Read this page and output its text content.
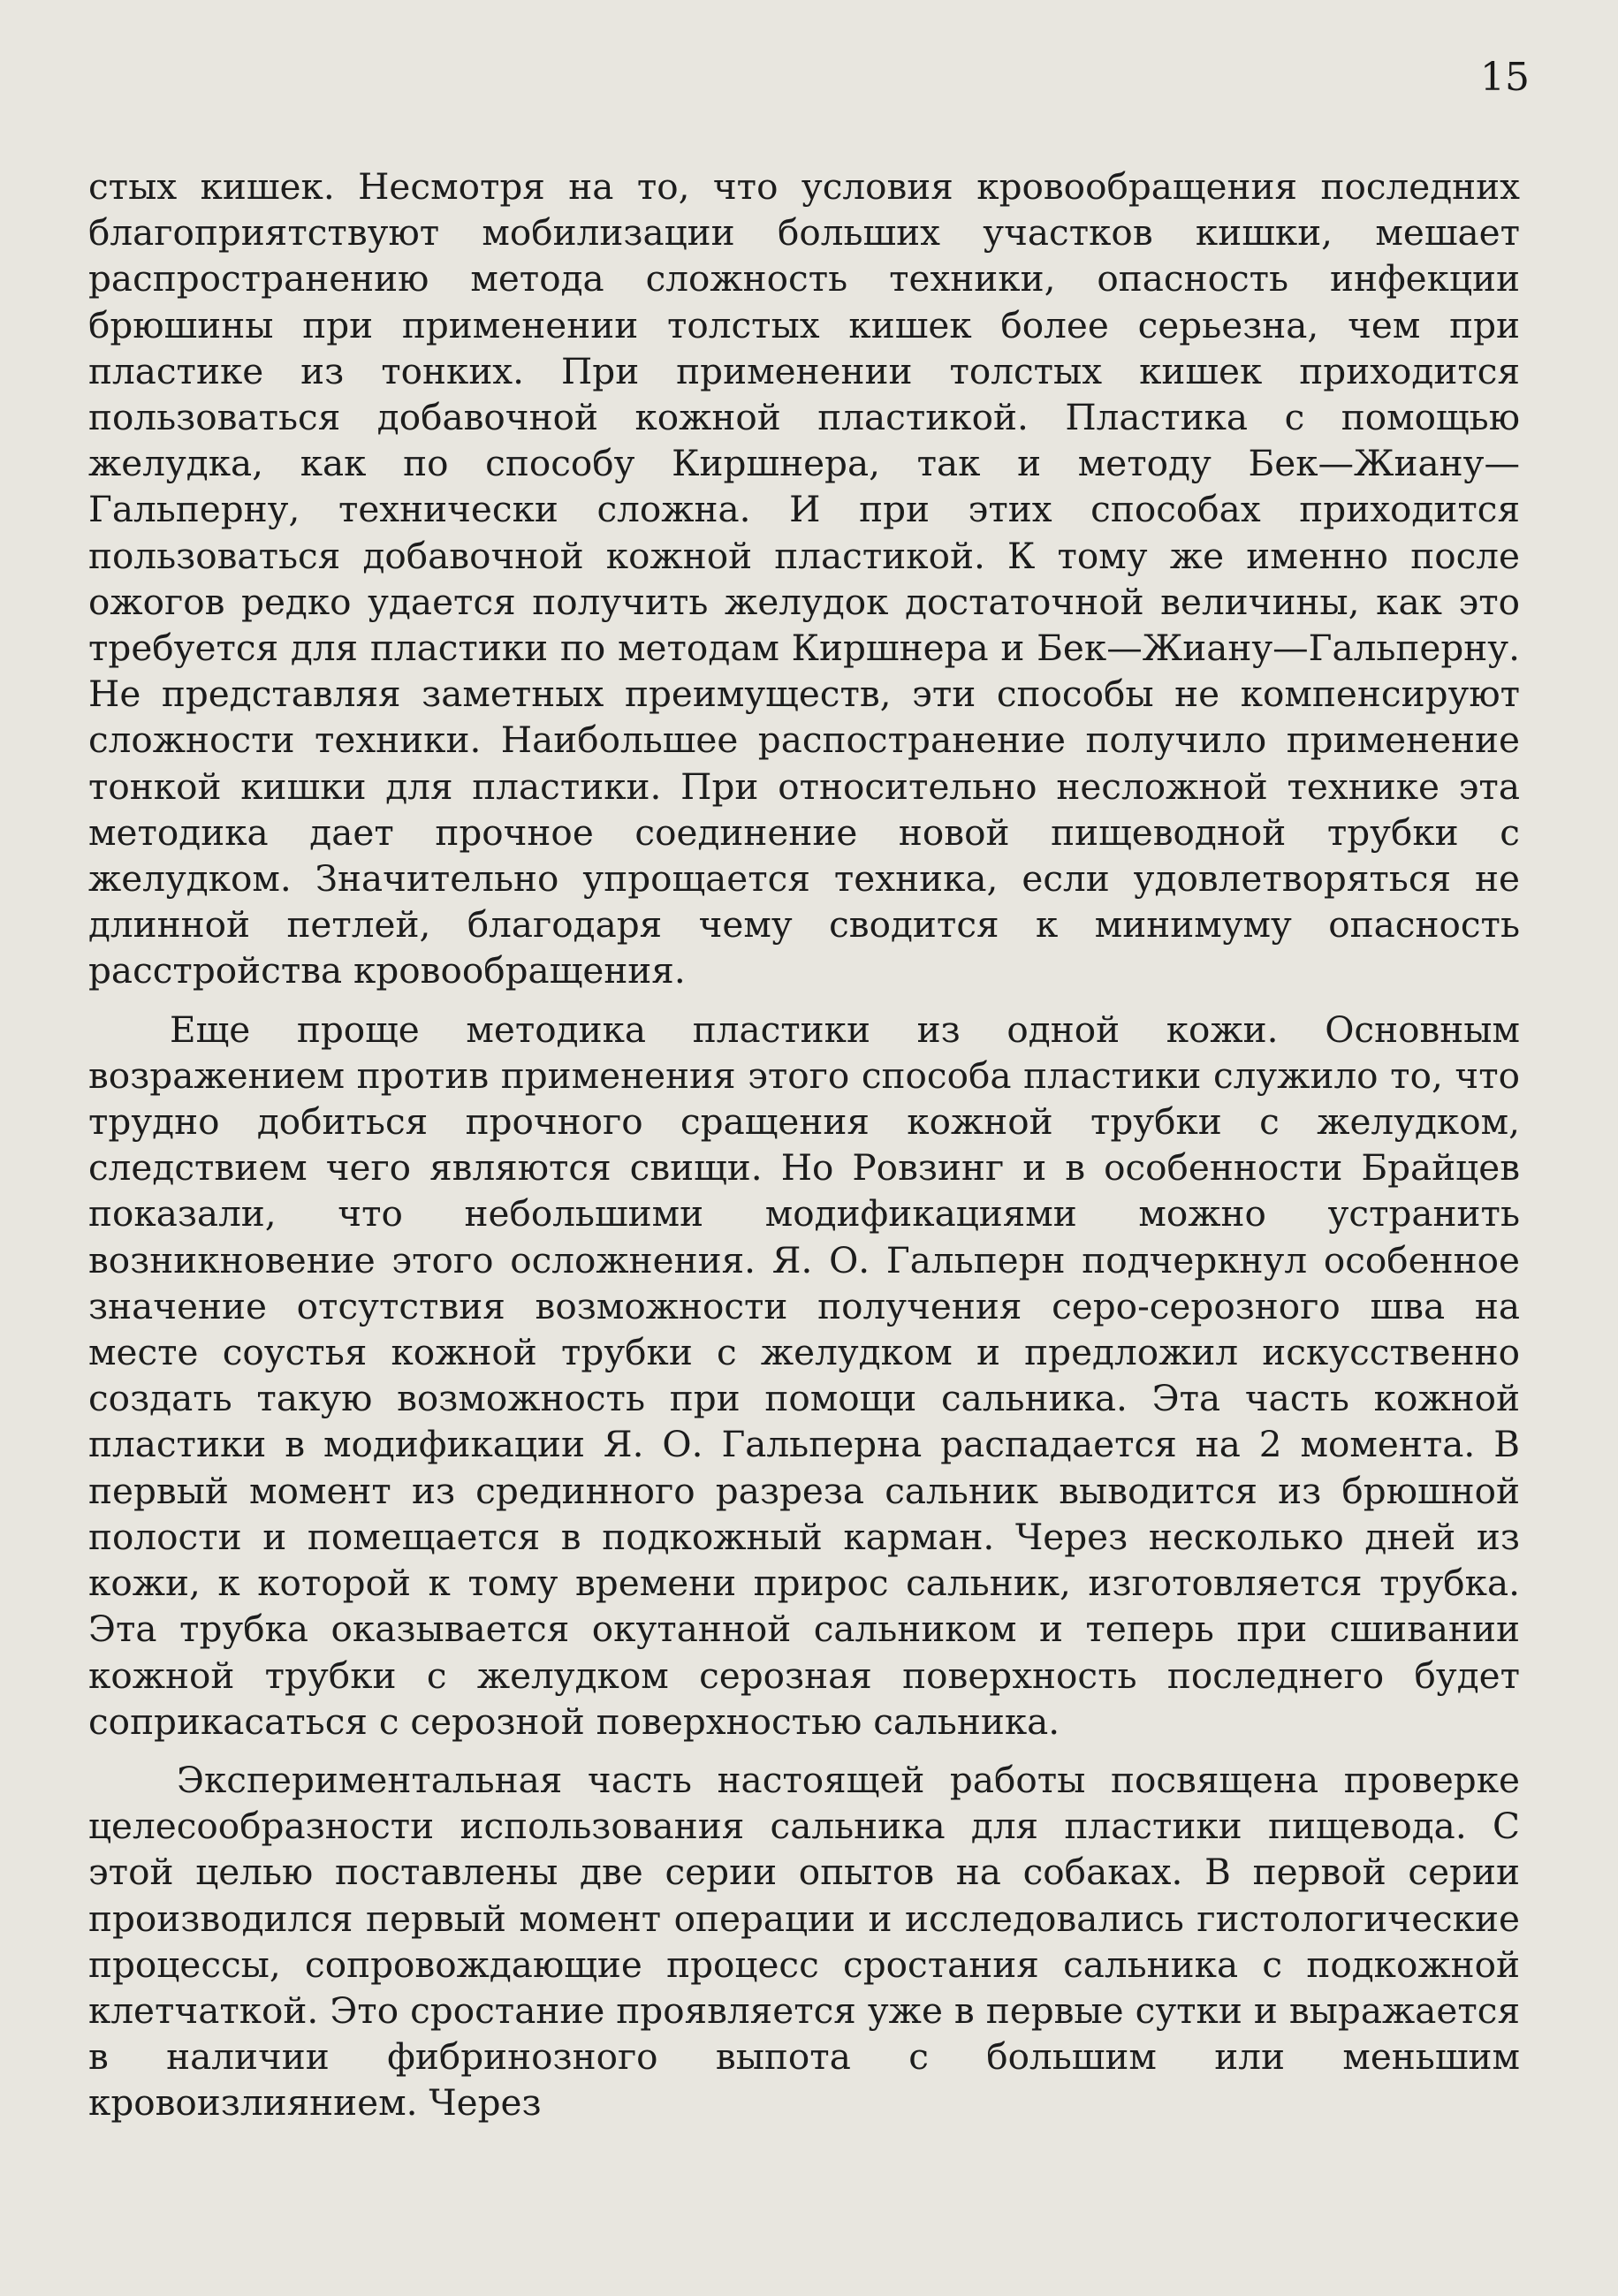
15

стых кишек. Несмотря на то, что условия кровообращения последних благоприятствуют мобилизации больших участков кишки, мешает распространению метода сложность техники, опасность инфекции брюшины при применении толстых кишек более серьезна, чем при пластике из тонких. При применении толстых кишек приходится пользоваться добавочной кожной пластикой. Пластика с помощью желудка, как по способу Киршнера, так и методу Бек—Жиану—Гальперну, технически сложна. И при этих способах приходится пользоваться добавочной кожной пластикой. К тому же именно после ожогов редко удается получить желудок достаточной величины, как это требуется для пластики по методам Киршнера и Бек—Жиану—Гальперну. Не представляя заметных преимуществ, эти способы не компенсируют сложности техники. Наибольшее распостранение получило применение тонкой кишки для пластики. При относительно несложной технике эта методика дает прочное соединение новой пищеводной трубки с желудком. Значительно упрощается техника, если удовлетворяться не длинной петлей, благодаря чему сводится к минимуму опасность расстройства кровообращения.

Еще проще методика пластики из одной кожи. Основным возражением против применения этого способа пластики служило то, что трудно добиться прочного сращения кожной трубки с желудком, следствием чего являются свищи. Но Ровзинг и в особенности Брайцев показали, что небольшими модификациями можно устранить возникновение этого осложнения. Я. О. Гальперн подчеркнул особенное значение отсутствия возможности получения серо-серозного шва на месте соустья кожной трубки с желудком и предложил искусственно создать такую возможность при помощи сальника. Эта часть кожной пластики в модификации Я. О. Гальперна распадается на 2 момента. В первый момент из срединного разреза сальник выводится из брюшной полости и помещается в подкожный карман. Через несколько дней из кожи, к которой к тому времени прирос сальник, изготовляется трубка. Эта трубка оказывается окутанной сальником и теперь при сшивании кожной трубки с желудком серозная поверхность последнего будет соприкасаться с серозной поверхностью сальника.

Экспериментальная часть настоящей работы посвящена проверке целесообразности использования сальника для пластики пищевода. С этой целью поставлены две серии опытов на собаках. В первой серии производился первый момент операции и исследовались гистологические процессы, сопровождающие процесс сростания сальника с подкожной клетчаткой. Это сростание проявляется уже в первые сутки и выражается в наличии фибринозного выпота с большим или меньшим кровоизлиянием. Через
